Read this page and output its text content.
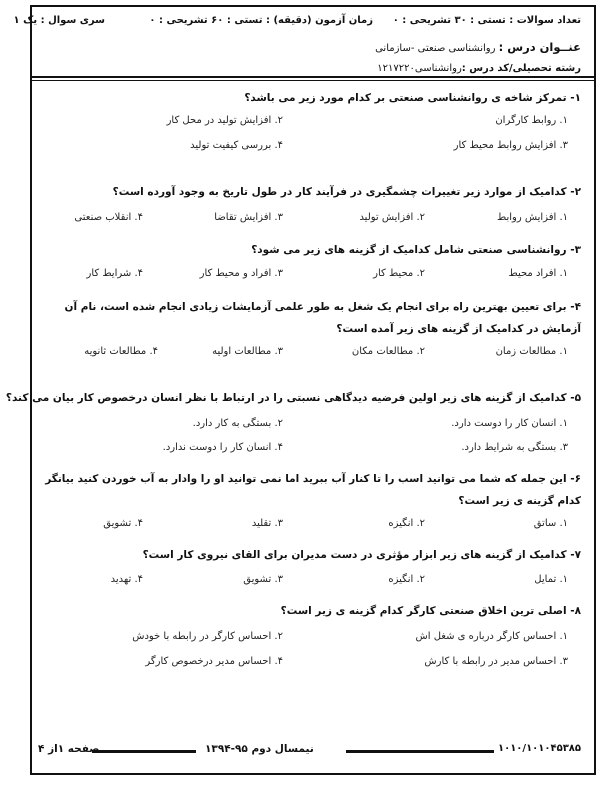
تعداد سوالات : تستی : ۳۰ تشریحی : ۰
زمان آزمون (دقیقه) : تستی : ۶۰ تشریحی : ۰
سری سوال : یک ۱
عنــوان درس : روانشناسی صنعتی -سازمانی
رشته تحصیلی/کد درس :روانشناسی۱۲۱۷۲۲۰
۱- تمرکز شاخه ی روانشناسی صنعتی بر کدام مورد زیر می باشد؟
۱. روابط کارگران
۲. افزایش تولید در محل کار
۳. افزایش روابط محیط کار
۴. بررسی کیفیت تولید
۲- کدامیک از موارد زیر تغییرات چشمگیری در فرآیند کار در طول تاریخ به وجود آورده است؟
۱. افزایش روابط
۲. افزایش تولید
۳. افزایش تقاضا
۴. انقلاب صنعتی
۳- روانشناسی صنعتی شامل کدامیک از گزینه های زیر می شود؟
۱. افراد محیط
۲. محیط کار
۳. افراد و محیط کار
۴. شرایط کار
۴- برای تعیین بهترین راه برای انجام یک شغل به طور علمی آزمایشات زیادی انجام شده است، نام آن آزمایش در کدامیک از گزینه های زیر آمده است؟
۱. مطالعات زمان
۲. مطالعات مکان
۳. مطالعات اولیه
۴. مطالعات ثانویه
۵- کدامیک از گزینه های زیر اولین فرضیه دیدگاهی نسبتی را در ارتباط با نظر انسان درخصوص کار بیان می کند؟
۱. انسان کار را دوست دارد.
۲. بستگی به کار دارد.
۳. بستگی به شرایط دارد.
۴. انسان کار را دوست ندارد.
۶- این جمله که شما می توانید اسب را تا کنار آب ببرید اما نمی توانید او را وادار به آب خوردن کنید بیانگر کدام گزینه ی زیر است؟
۱. ساتق
۲. انگیزه
۳. تقلید
۴. تشویق
۷- کدامیک از گزینه های زیر ابزار مؤثری در دست مدیران برای القای نیروی کار است؟
۱. تمایل
۲. انگیزه
۳. تشویق
۴. تهدید
۸- اصلی ترین اخلاق صنعتی کارگر کدام گزینه ی زیر است؟
۱. احساس کارگر درباره ی شغل اش
۲. احساس کارگر در رابطه با خودش
۳. احساس مدیر در رابطه با کارش
۴. احساس مدیر درخصوص کارگر
صفحه ۱از ۴	نیمسال دوم ۹۵-۱۳۹۴	۱۰۱۰/۱۰۱۰۴۵۳۸۵
